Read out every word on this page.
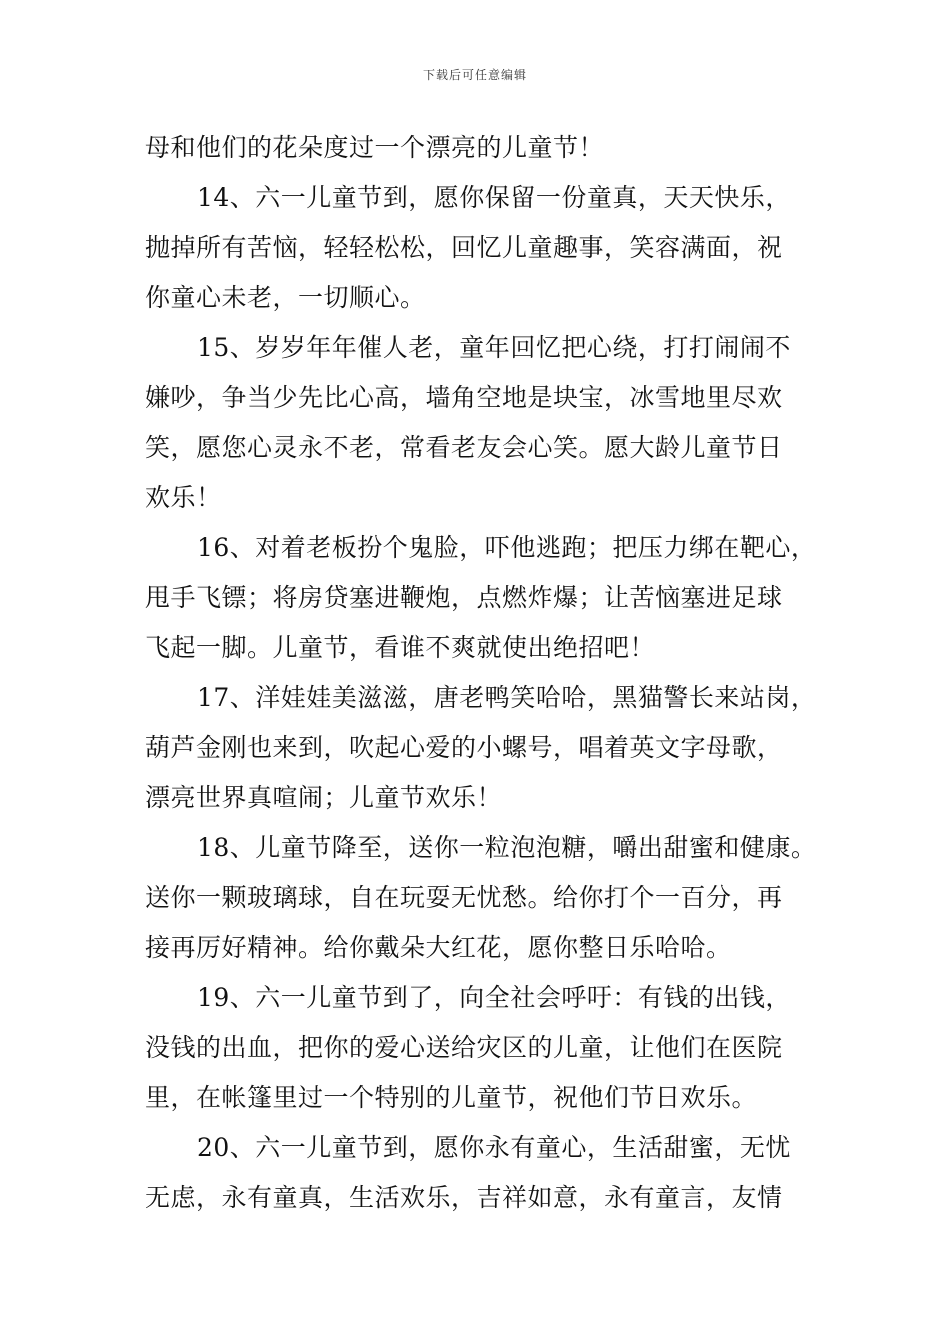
下载后可任意编辑
母和他们的花朵度过一个漂亮的儿童节！
14、六一儿童节到，愿你保留一份童真，天天快乐，
抛掉所有苦恼，轻轻松松，回忆儿童趣事，笑容满面，祝
你童心未老，一切顺心。
15、岁岁年年催人老，童年回忆把心绕，打打闹闹不
嫌吵，争当少先比心高，墙角空地是块宝，冰雪地里尽欢
笑，愿您心灵永不老，常看老友会心笑。愿大龄儿童节日
欢乐！
16、对着老板扮个鬼脸，吓他逃跑；把压力绑在靶心，
甩手飞镖；将房贷塞进鞭炮，点燃炸爆；让苦恼塞进足球
飞起一脚。儿童节，看谁不爽就使出绝招吧！
17、洋娃娃美滋滋，唐老鸭笑哈哈，黑猫警长来站岗，
葫芦金刚也来到，吹起心爱的小螺号，唱着英文字母歌，
漂亮世界真喧闹；儿童节欢乐！
18、儿童节降至，送你一粒泡泡糖，嚼出甜蜜和健康。
送你一颗玻璃球，自在玩耍无忧愁。给你打个一百分，再
接再厉好精神。给你戴朵大红花，愿你整日乐哈哈。
19、六一儿童节到了，向全社会呼吁：有钱的出钱，
没钱的出血，把你的爱心送给灾区的儿童，让他们在医院
里，在帐篷里过一个特别的儿童节，祝他们节日欢乐。
20、六一儿童节到，愿你永有童心，生活甜蜜，无忧
无虑，永有童真，生活欢乐，吉祥如意，永有童言，友情
